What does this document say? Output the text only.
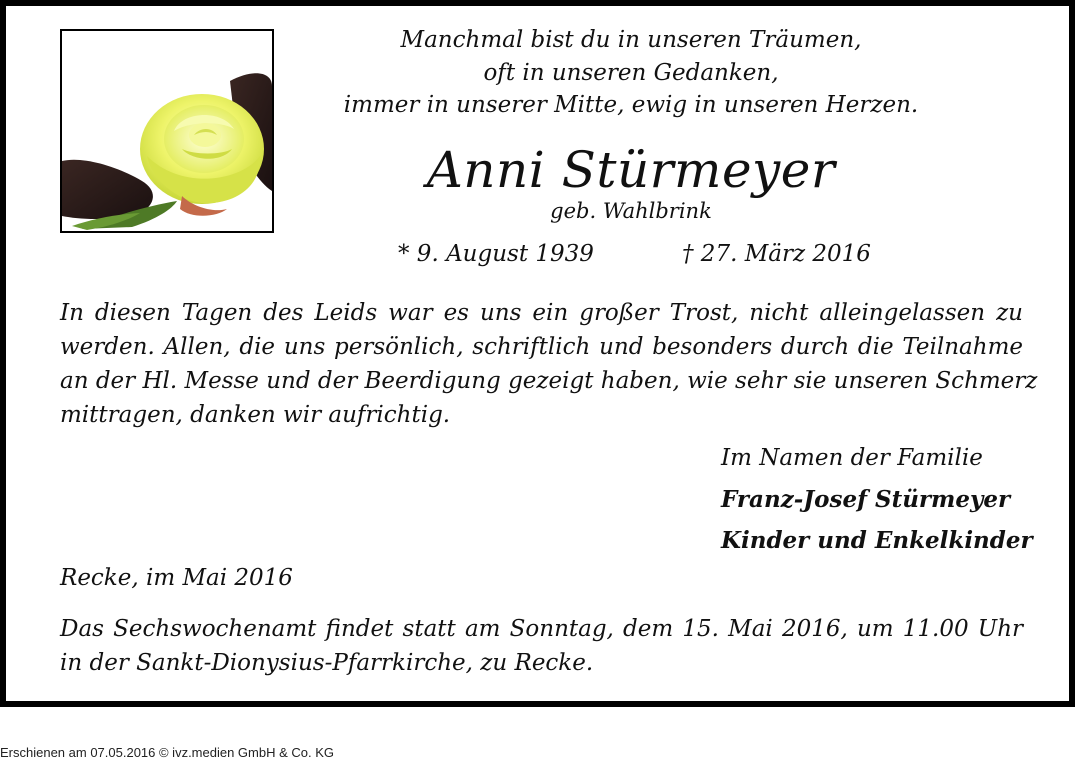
Manchmal bist du in unseren Träumen,
oft in unseren Gedanken,
immer in unserer Mitte, ewig in unseren Herzen.
Anni Stürmeyer
geb. Wahlbrink
* 9. August 1939	† 27. März 2016
In diesen Tagen des Leids war es uns ein großer Trost, nicht alleingelassen zu
werden. Allen, die uns persönlich, schriftlich und besonders durch die Teilnahme
an der Hl. Messe und der Beerdigung gezeigt haben, wie sehr sie unseren Schmerz
mittragen, danken wir aufrichtig.
Im Namen der Familie
Franz-Josef Stürmeyer
Kinder und Enkelkinder
Recke, im Mai 2016
Das Sechswochenamt findet statt am Sonntag, dem 15. Mai 2016, um 11.00 Uhr
in der Sankt-Dionysius-Pfarrkirche, zu Recke.
Erschienen am 07.05.2016 © ivz.medien GmbH & Co. KG
